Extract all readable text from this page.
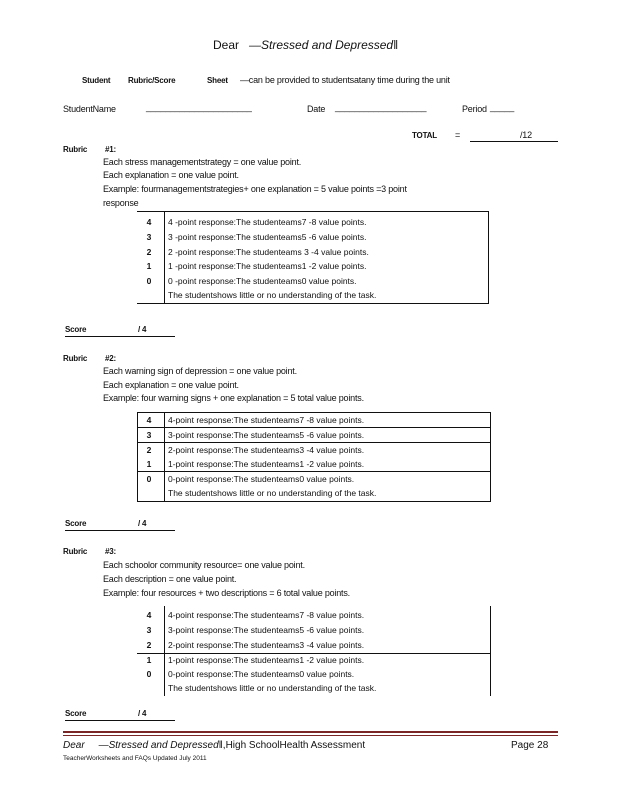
Dear —Stressed and Depressed‖
Student Rubric/Score	Sheet —can be provided to studentsatany time during the unit
StudentName	______________________	Date ___________________	Period _____
TOTAL =	/12
Rubric #1:
Each stress managementstrategy = one value point.
Each explanation = one value point.
Example: fourmanagementstrategies+ one explanation = 5 value points =3 point
response
4	4 -point response:The studenteams7 -8 value points.
3	3 -point response:The studenteams5 -6 value points.
2	2 -point response:The studenteams 3 -4 value points.
1	1 -point response:The studenteams1 -2 value points.
0	0 -point response:The studenteams0 value points.
The studentshows little or no understanding of the task.
Score	/ 4
Rubric #2:
Each warning sign of depression = one value point.
Each explanation = one value point.
Example: four warning signs + one explanation = 5 total value points.
4	4-point response:The studenteams7 -8 value points.
3	3-point response:The studenteams5 -6 value points.
2	2-point response:The studenteams3 -4 value points.
1	1-point response:The studenteams1 -2 value points.
0	0-point response:The studenteams0 value points.
The studentshows little or no understanding of the task.
Score	/ 4
Rubric #3:
Each schoolor community resource= one value point.
Each description = one value point.
Example: four resources + two descriptions = 6 total value points.
4	4-point response:The studenteams7 -8 value points.
3	3-point response:The studenteams5 -6 value points.
2	2-point response:The studenteams3 -4 value points.
1	1-point response:The studenteams1 -2 value points.
0	0-point response:The studenteams0 value points.
The studentshows little or no understanding of the task.
Score	/ 4
Dear —Stressed and Depressed‖,High SchoolHealth Assessment	Page 28
TeacherWorksheets and FAQs Updated July 2011
